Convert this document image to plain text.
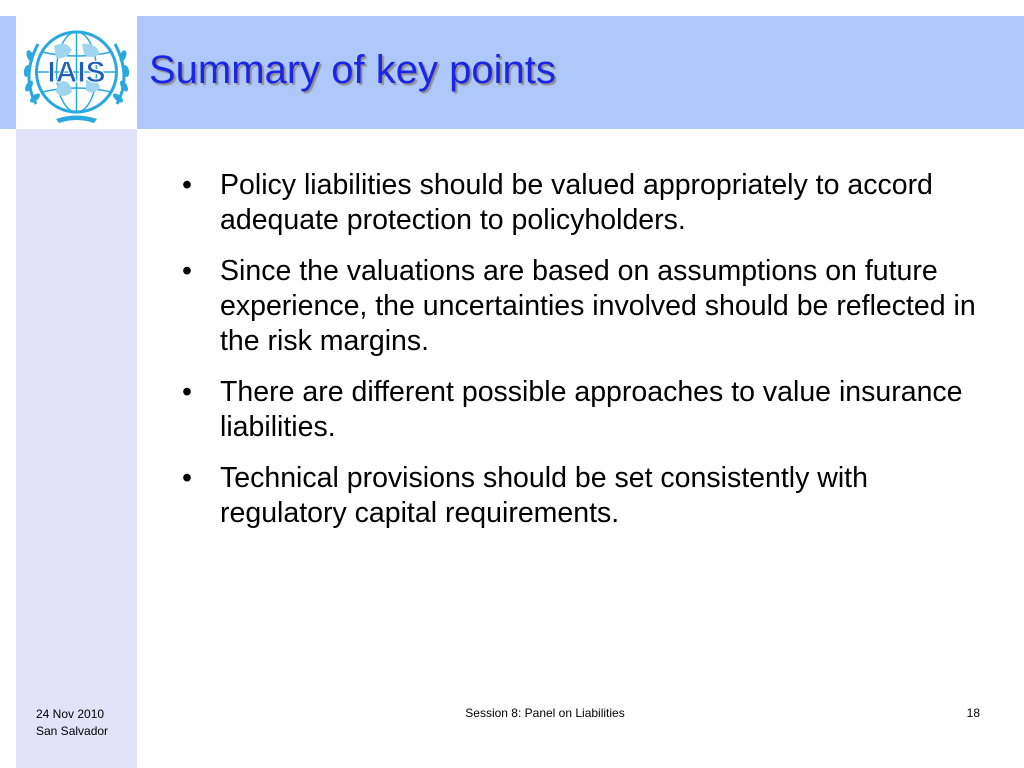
IAIS Summary of key points
• Policy liabilities should be valued appropriately to accord adequate protection to policyholders.
• Since the valuations are based on assumptions on future experience, the uncertainties involved should be reflected in the risk margins.
• There are different possible approaches to value insurance liabilities.
• Technical provisions should be set consistently with regulatory capital requirements.
24 Nov 2010
San Salvador
Session 8: Panel on Liabilities	18
